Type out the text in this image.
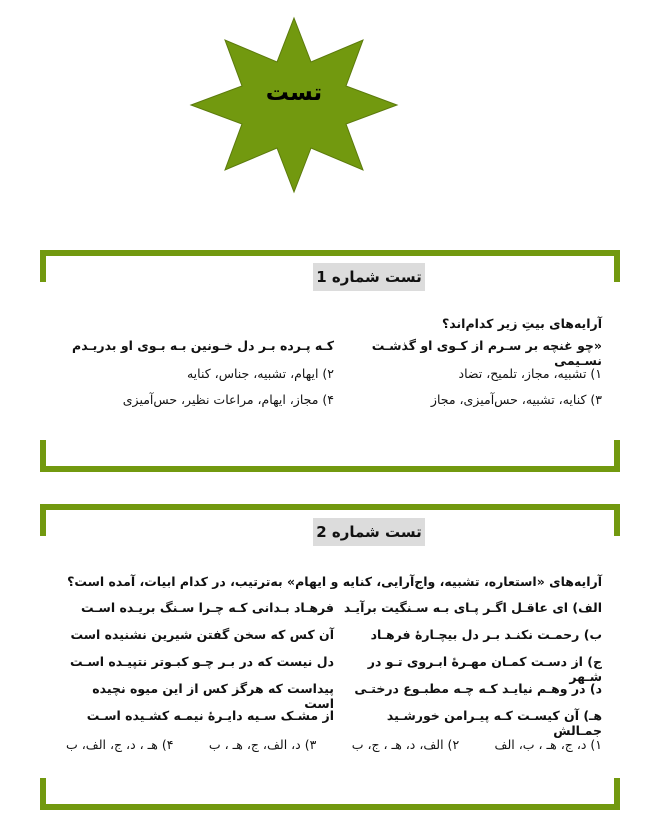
تست
تست شماره 1
آرایه‌های بیتِ زیر کدام‌اند؟
«چو غنچه بر سـرم از کـوی او گذشـت نسـیمی
کـه پـرده بـر دل خـونین بـه بـوی او بدریـدم
۱) تشبیه، مجاز، تلمیح، تضاد
۲) ایهام، تشبیه، جناس، کنایه
۳) کنایه، تشبیه، حس‌آمیزی، مجاز
۴) مجاز، ایهام، مراعات نظیر، حس‌آمیزی
تست شماره 2
آرایه‌های «استعاره، تشبیه، واج‌آرایی، کنایه و ایهام» به‌ترتیب، در کدام ابیات، آمده است؟
الف) ای عاقـل اگـر پـای بـه سـنگیت بر‌آیـد
فرهـاد بـدانی کـه چـرا سـنگ بریـده اسـت
ب) رحمـت نکنـد بـر دل بیچـارۀ فرهـاد
آن کس که سخن گفتن شیرین نشنیده است
ج) از دسـت کمـان مهـرۀ ابـروی تـو در شـهر
دل نیست که در بـر چـو کبـوتر نتپیـده اسـت
د) در وهـم نیایـد کـه چـه مطبـوع درختـی
پیداست که هرگز کس از این میوه نچیده است
هـ) آن کیسـت کـه پیـرامن خورشـید جمـالش
از مشـک سـیه دایـرۀ نیمـه کشـیده اسـت
۱) د، ج، هـ ، ب، الف
۲) الف، د، هـ ، ج، ب
۳) د، الف، ج، هـ ، ب
۴) هـ ، د، ج، الف، ب
